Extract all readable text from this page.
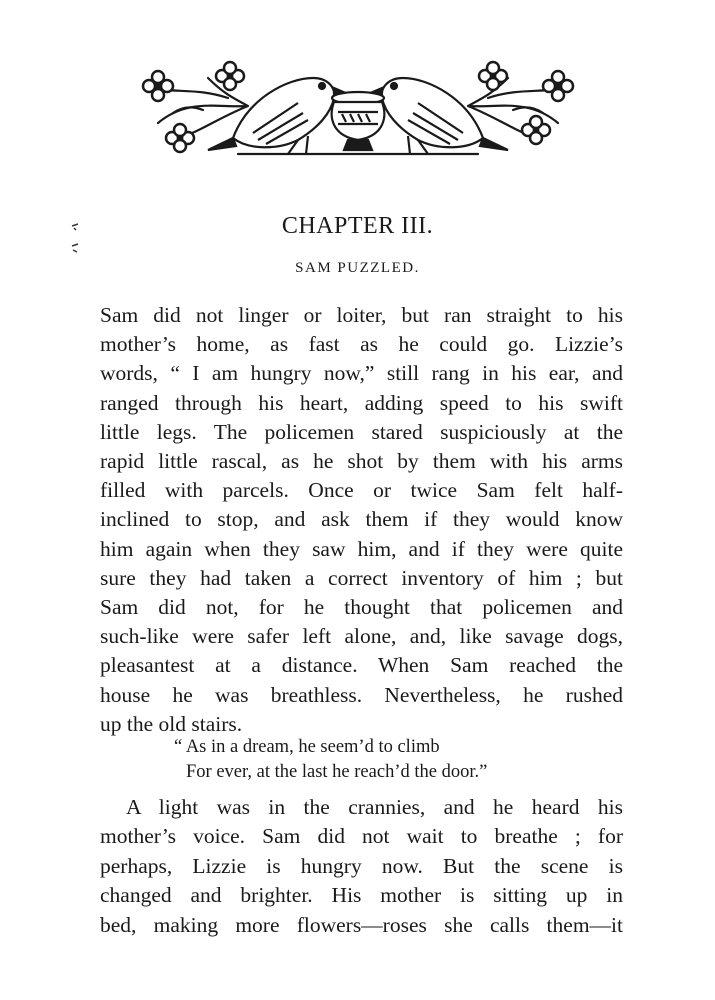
CHAPTER III.
SAM PUZZLED.
Sam did not linger or loiter, but ran straight to his
mother’s home, as fast as he could go. Lizzie’s
words, “ I am hungry now,” still rang in his ear, and
ranged through his heart, adding speed to his swift
little legs. The policemen stared suspiciously at the
rapid little rascal, as he shot by them with his arms
filled with parcels. Once or twice Sam felt half-
inclined to stop, and ask them if they would know
him again when they saw him, and if they were quite
sure they had taken a correct inventory of him ; but
Sam did not, for he thought that policemen and
such-like were safer left alone, and, like savage dogs,
pleasantest at a distance. When Sam reached the
house he was breathless. Nevertheless, he rushed
up the old stairs.
“ As in a dream, he seem’d to climb
For ever, at the last he reach’d the door.”
A light was in the crannies, and he heard his
mother’s voice. Sam did not wait to breathe ; for
perhaps, Lizzie is hungry now. But the scene is
changed and brighter. His mother is sitting up in
bed, making more flowers—roses she calls them—it
